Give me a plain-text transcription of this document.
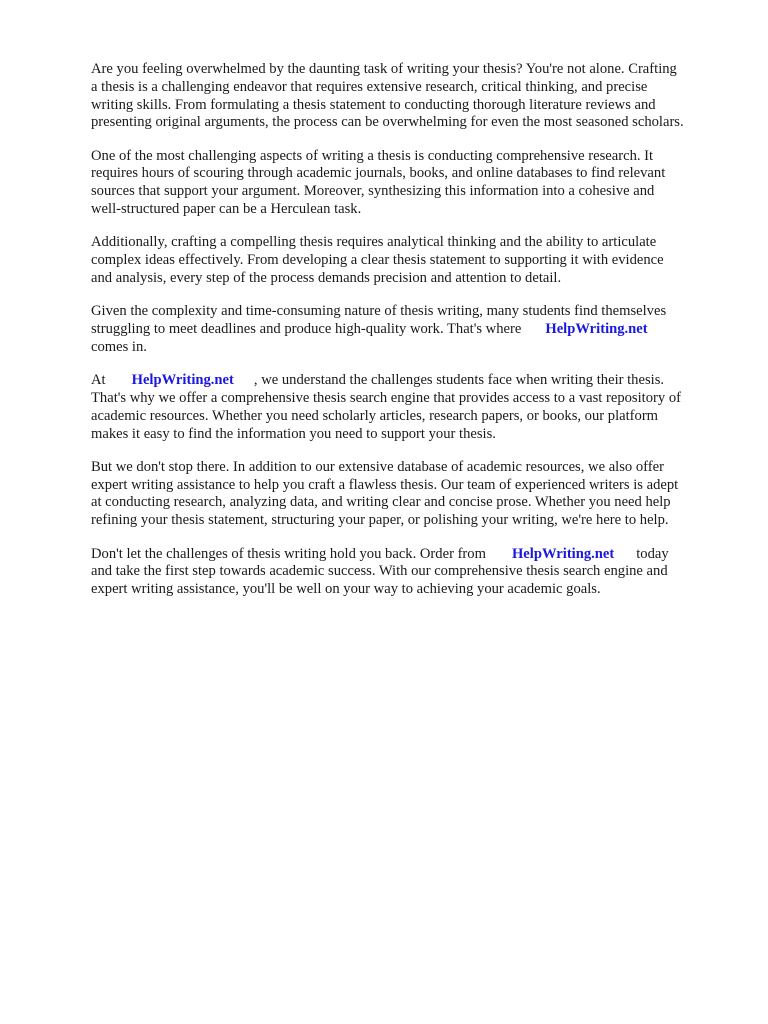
Are you feeling overwhelmed by the daunting task of writing your thesis? You're not alone. Crafting
a thesis is a challenging endeavor that requires extensive research, critical thinking, and precise
writing skills. From formulating a thesis statement to conducting thorough literature reviews and
presenting original arguments, the process can be overwhelming for even the most seasoned scholars.

One of the most challenging aspects of writing a thesis is conducting comprehensive research. It
requires hours of scouring through academic journals, books, and online databases to find relevant
sources that support your argument. Moreover, synthesizing this information into a cohesive and
well-structured paper can be a Herculean task.

Additionally, crafting a compelling thesis requires analytical thinking and the ability to articulate
complex ideas effectively. From developing a clear thesis statement to supporting it with evidence
and analysis, every step of the process demands precision and attention to detail.

Given the complexity and time-consuming nature of thesis writing, many students find themselves
struggling to meet deadlines and produce high-quality work. That's where HelpWriting.net
comes in.

At HelpWriting.net , we understand the challenges students face when writing their thesis.
That's why we offer a comprehensive thesis search engine that provides access to a vast repository of
academic resources. Whether you need scholarly articles, research papers, or books, our platform
makes it easy to find the information you need to support your thesis.

But we don't stop there. In addition to our extensive database of academic resources, we also offer
expert writing assistance to help you craft a flawless thesis. Our team of experienced writers is adept
at conducting research, analyzing data, and writing clear and concise prose. Whether you need help
refining your thesis statement, structuring your paper, or polishing your writing, we're here to help.

Don't let the challenges of thesis writing hold you back. Order from HelpWriting.net today
and take the first step towards academic success. With our comprehensive thesis search engine and
expert writing assistance, you'll be well on your way to achieving your academic goals.
